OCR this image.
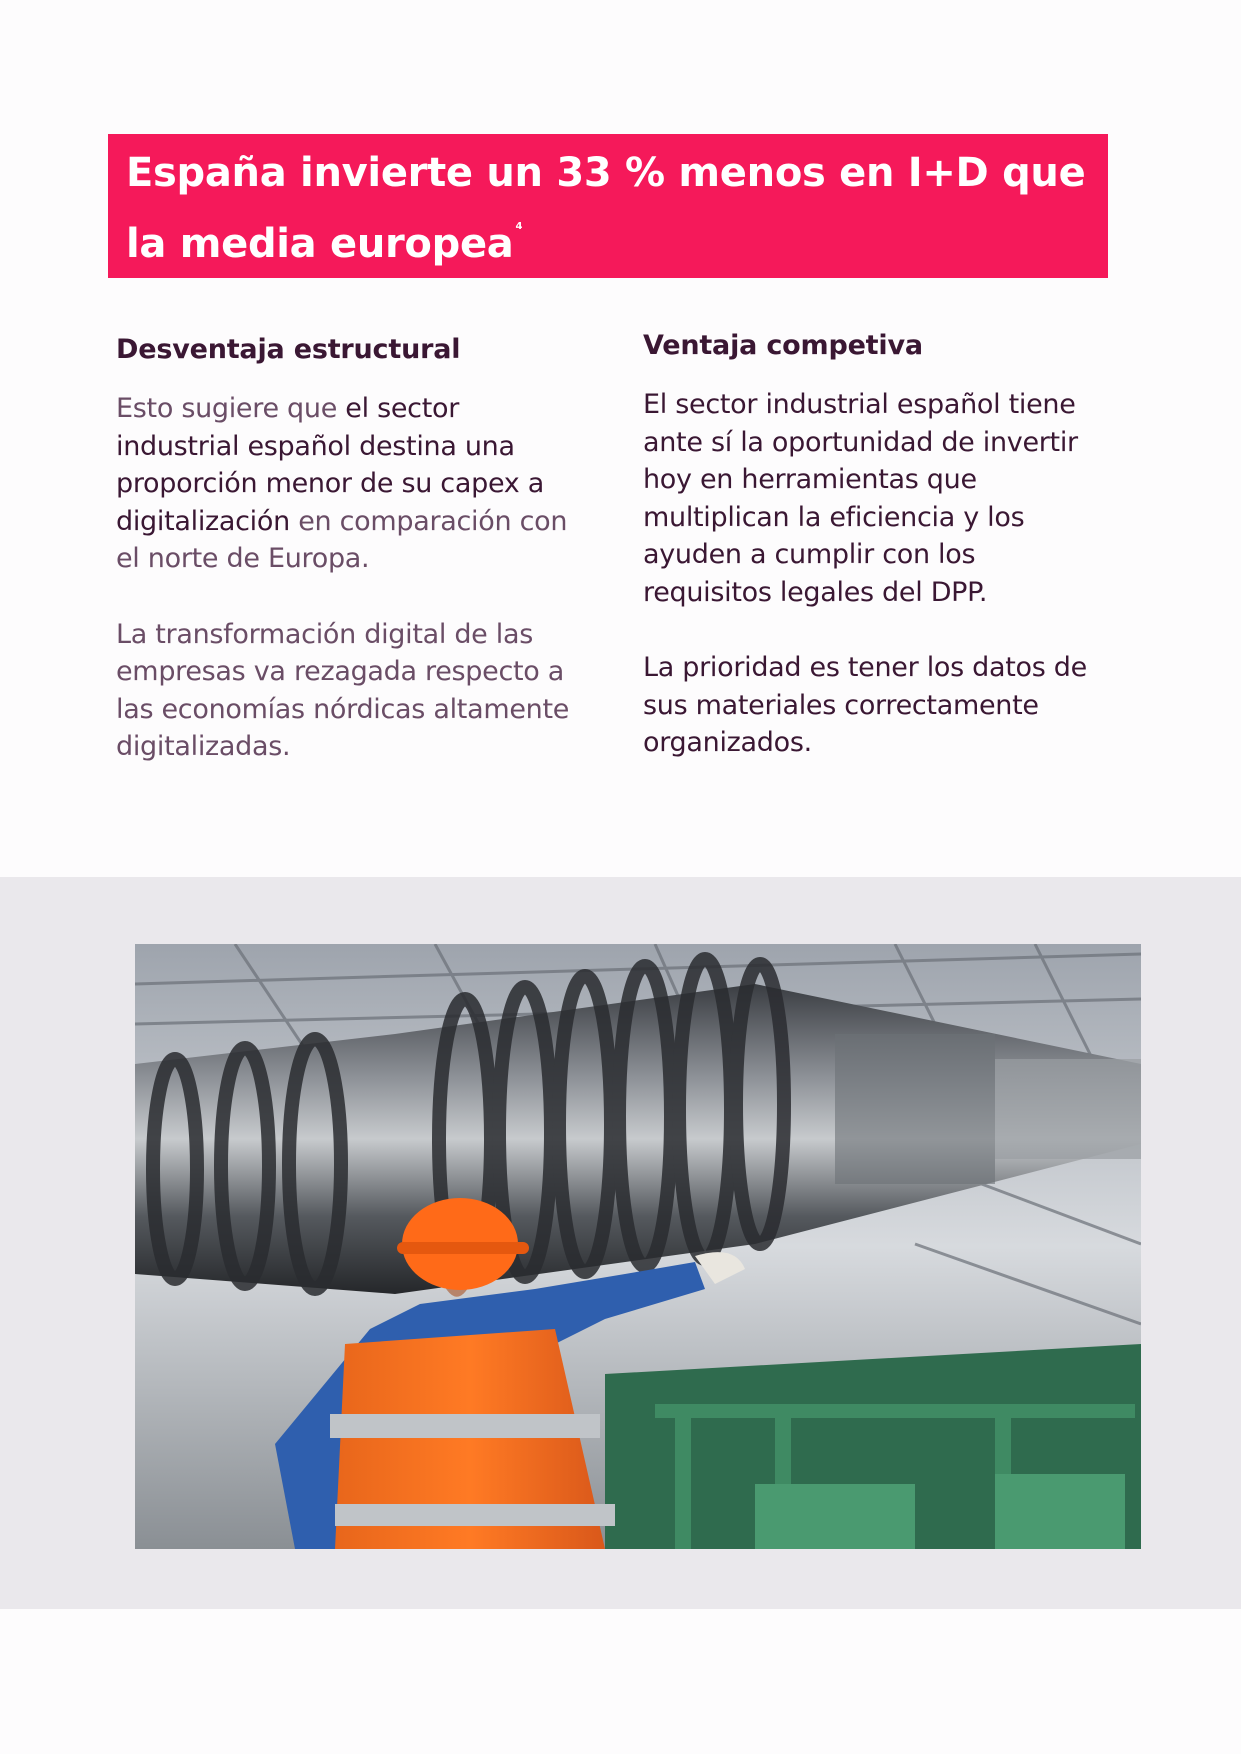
España invierte un 33 % menos en I+D que la media europea $^4$
Desventaja estructural

Esto sugiere que el sector industrial español destina una proporción menor de su capex a digitalización en comparación con el norte de Europa.

La transformación digital de las empresas va rezagada respecto a las economías nórdicas altamente digitalizadas.

Ventaja competiva

El sector industrial español tiene ante sí la oportunidad de invertir hoy en herramientas que multiplican la eficiencia y los ayuden a cumplir con los requisitos legales del DPP.

La prioridad es tener los datos de sus materiales correctamente organizados.
